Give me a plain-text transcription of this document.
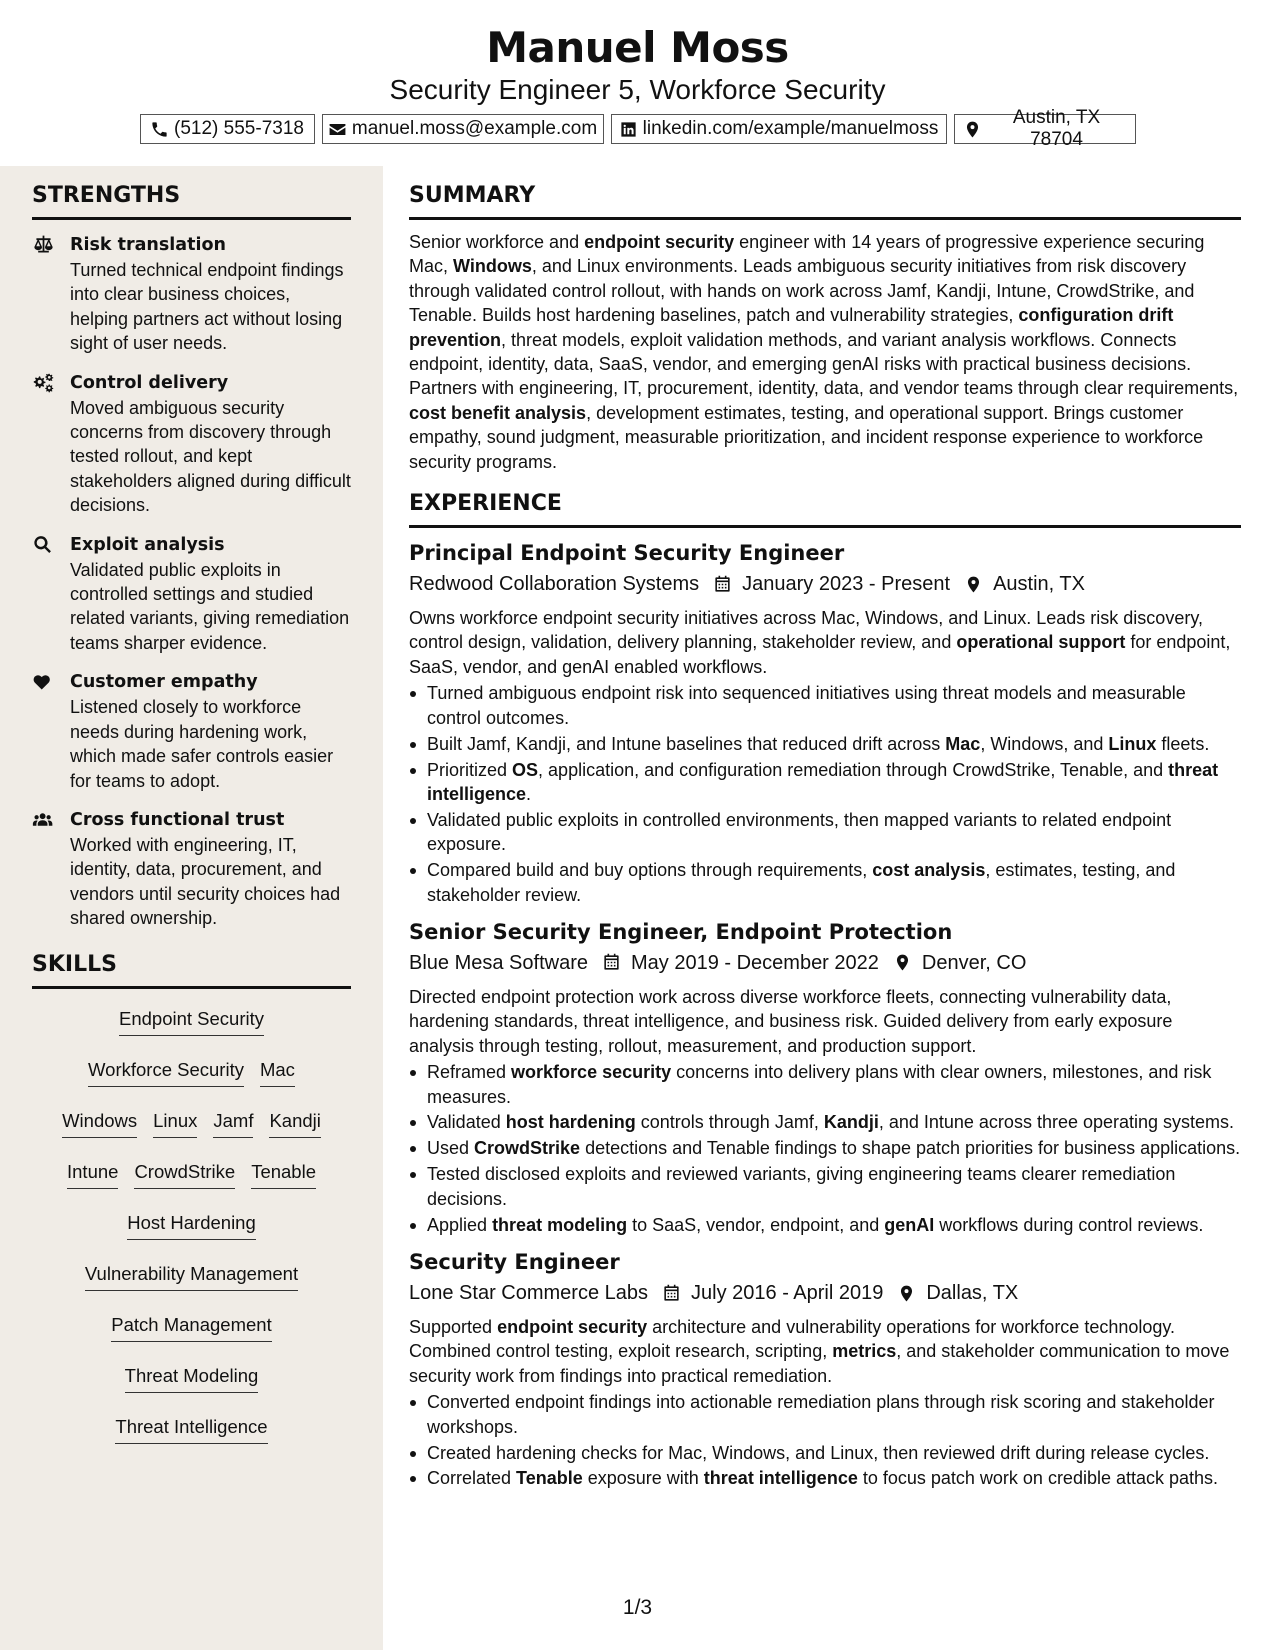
Manuel Moss
Security Engineer 5, Workforce Security
(512) 555-7318	manuel.moss@example.com linkedin.com/example/manuelmoss
Austin, TX 78704
STRENGTHS
Risk translation
Turned technical endpoint findings into clear business choices, helping partners act without losing sight of user needs.
Control delivery
Moved ambiguous security concerns from discovery through tested rollout, and kept stakeholders aligned during difficult decisions.
Exploit analysis
Validated public exploits in controlled settings and studied related variants, giving remediation teams sharper evidence.
Customer empathy
Listened closely to workforce needs during hardening work, which made safer controls easier for teams to adopt.
Cross functional trust
Worked with engineering, IT, identity, data, procurement, and vendors until security choices had shared ownership.
SKILLS
Endpoint Security
Workforce Security Mac
Windows Linux Jamf Kandji
Intune CrowdStrike Tenable
Host Hardening
Vulnerability Management
Patch Management
Threat Modeling
Threat Intelligence
SUMMARY
Senior workforce and endpoint security engineer with 14 years of progressive experience securing Mac, Windows, and Linux environments. Leads ambiguous security initiatives from risk discovery through validated control rollout, with hands on work across Jamf, Kandji, Intune, CrowdStrike, and Tenable. Builds host hardening baselines, patch and vulnerability strategies, configuration drift prevention, threat models, exploit validation methods, and variant analysis workflows. Connects endpoint, identity, data, SaaS, vendor, and emerging genAI risks with practical business decisions. Partners with engineering, IT, procurement, identity, data, and vendor teams through clear requirements, cost benefit analysis, development estimates, testing, and operational support. Brings customer empathy, sound judgment, measurable prioritization, and incident response experience to workforce security programs.
EXPERIENCE
Principal Endpoint Security Engineer
Redwood Collaboration Systems January 2023 - Present Austin, TX
Owns workforce endpoint security initiatives across Mac, Windows, and Linux. Leads risk discovery, control design, validation, delivery planning, stakeholder review, and operational support for endpoint, SaaS, vendor, and genAI enabled workflows.
Turned ambiguous endpoint risk into sequenced initiatives using threat models and measurable control outcomes.
Built Jamf, Kandji, and Intune baselines that reduced drift across Mac, Windows, and Linux fleets.
Prioritized OS, application, and configuration remediation through CrowdStrike, Tenable, and threat intelligence.
Validated public exploits in controlled environments, then mapped variants to related endpoint exposure.
Compared build and buy options through requirements, cost analysis, estimates, testing, and stakeholder review.
Senior Security Engineer, Endpoint Protection
Blue Mesa Software May 2019 - December 2022 Denver, CO
Directed endpoint protection work across diverse workforce fleets, connecting vulnerability data, hardening standards, threat intelligence, and business risk. Guided delivery from early exposure analysis through testing, rollout, measurement, and production support.
Reframed workforce security concerns into delivery plans with clear owners, milestones, and risk measures.
Validated host hardening controls through Jamf, Kandji, and Intune across three operating systems.
Used CrowdStrike detections and Tenable findings to shape patch priorities for business applications.
Tested disclosed exploits and reviewed variants, giving engineering teams clearer remediation decisions.
Applied threat modeling to SaaS, vendor, endpoint, and genAI workflows during control reviews.
Security Engineer
Lone Star Commerce Labs July 2016 - April 2019 Dallas, TX
Supported endpoint security architecture and vulnerability operations for workforce technology. Combined control testing, exploit research, scripting, metrics, and stakeholder communication to move security work from findings into practical remediation.
Converted endpoint findings into actionable remediation plans through risk scoring and stakeholder workshops.
Created hardening checks for Mac, Windows, and Linux, then reviewed drift during release cycles.
Correlated Tenable exposure with threat intelligence to focus patch work on credible attack paths.
1/3
